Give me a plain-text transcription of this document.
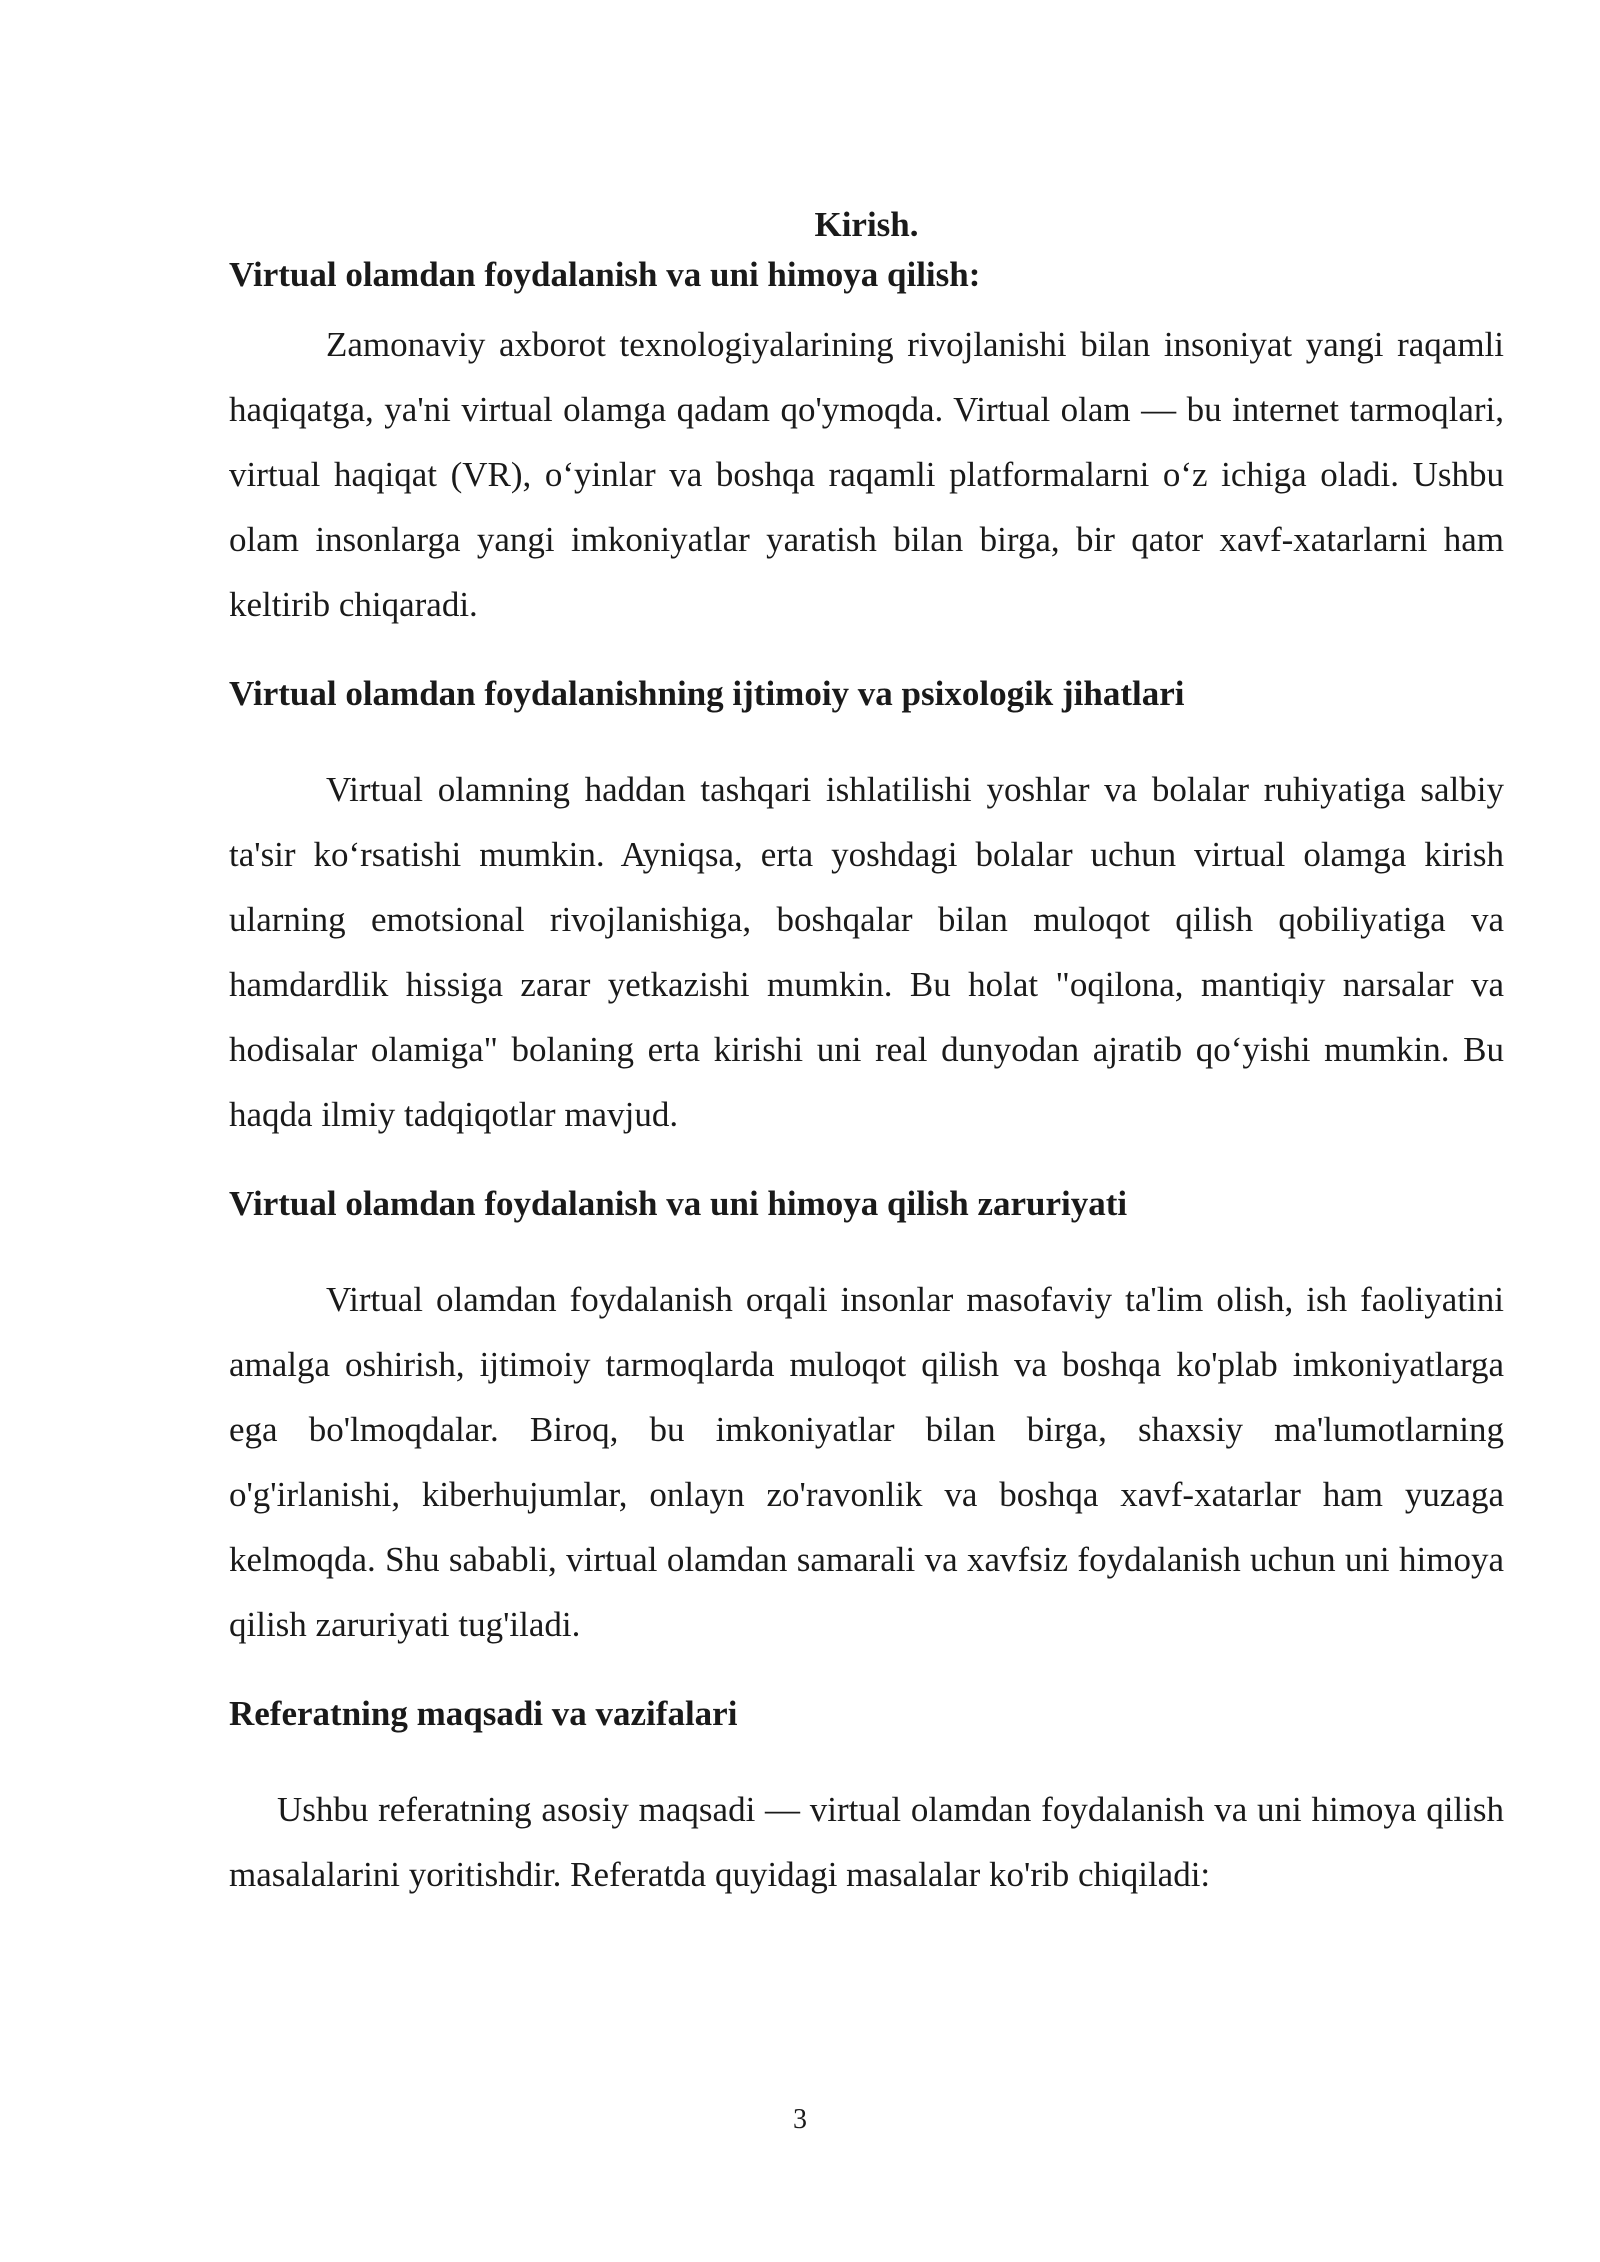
Kirish.

Virtual olamdan foydalanish va uni himoya qilish:

Zamonaviy axborot texnologiyalarining rivojlanishi bilan insoniyat yangi raqamli haqiqatga, ya'ni virtual olamga qadam qo'ymoqda. Virtual olam — bu internet tarmoqlari, virtual haqiqat (VR), o‘yinlar va boshqa raqamli platformalarni o‘z ichiga oladi. Ushbu olam insonlarga yangi imkoniyatlar yaratish bilan birga, bir qator xavf-xatarlarni ham keltirib chiqaradi.

Virtual olamdan foydalanishning ijtimoiy va psixologik jihatlari

Virtual olamning haddan tashqari ishlatilishi yoshlar va bolalar ruhiyatiga salbiy ta'sir ko‘rsatishi mumkin. Ayniqsa, erta yoshdagi bolalar uchun virtual olamga kirish ularning emotsional rivojlanishiga, boshqalar bilan muloqot qilish qobiliyatiga va hamdardlik hissiga zarar yetkazishi mumkin. Bu holat "oqilona, mantiqiy narsalar va hodisalar olamiga" bolaning erta kirishi uni real dunyodan ajratib qo‘yishi mumkin. Bu haqda ilmiy tadqiqotlar mavjud.

Virtual olamdan foydalanish va uni himoya qilish zaruriyati

Virtual olamdan foydalanish orqali insonlar masofaviy ta'lim olish, ish faoliyatini amalga oshirish, ijtimoiy tarmoqlarda muloqot qilish va boshqa ko'plab imkoniyatlarga ega bo'lmoqdalar. Biroq, bu imkoniyatlar bilan birga, shaxsiy ma'lumotlarning o'g'irlanishi, kiberhujumlar, onlayn zo'ravonlik va boshqa xavf-xatarlar ham yuzaga kelmoqda. Shu sababli, virtual olamdan samarali va xavfsiz foydalanish uchun uni himoya qilish zaruriyati tug'iladi.

Referatning maqsadi va vazifalari

Ushbu referatning asosiy maqsadi — virtual olamdan foydalanish va uni himoya qilish masalalarini yoritishdir. Referatda quyidagi masalalar ko'rib chiqiladi:

3
